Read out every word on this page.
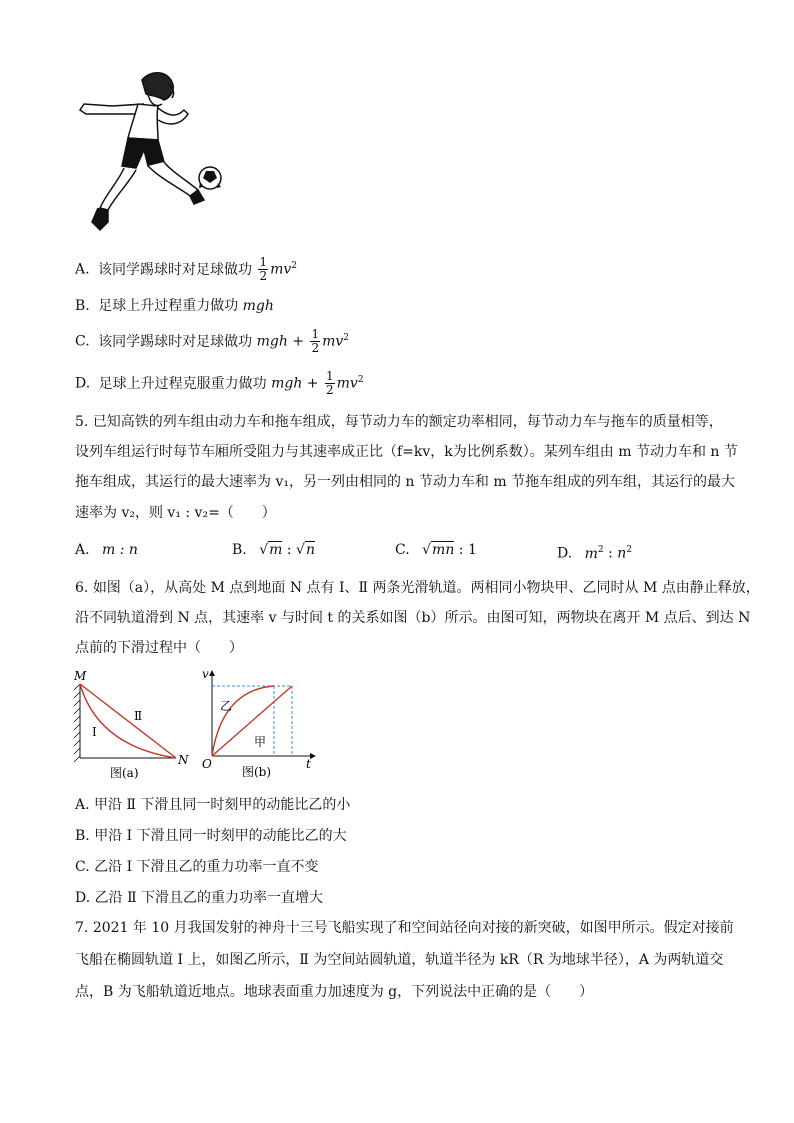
A. 该同学踢球时对足球做功 $\frac{1}{2} mv^2$
B. 足球上升过程重力做功 mgh
C. 该同学踢球时对足球做功 mgh + $\frac{1}{2} mv^2$
D. 足球上升过程克服重力做功 mgh + $\frac{1}{2} mv^2$
5. 已知高铁的列车组由动力车和拖车组成，每节动力车的额定功率相同，每节动力车与拖车的质量相等，
设列车组运行时每节车厢所受阻力与其速率成正比（f=kv，k为比例系数）。某列车组由 m 节动力车和 n 节
拖车组成，其运行的最大速率为 v₁，另一列由相同的 n 节动力车和 m 节拖车组成的列车组，其运行的最大
速率为 v₂，则 v₁ : v₂=（　　）
A. m : n	B. √m : √n	C. √mn : 1	D. $m^2$ : $n^2$
6. 如图（a），从高处 M 点到地面 N 点有 Ⅰ、Ⅱ 两条光滑轨道。两相同小物块甲、乙同时从 M 点由静止释放，
沿不同轨道滑到 N 点，其速率 v 与时间 t 的关系如图（b）所示。由图可知，两物块在离开 M 点后、到达 N
点前的下滑过程中（　　）
M
N
Ⅰ
Ⅱ
图(a)
v
t
O
乙
甲
图(b)
A. 甲沿 Ⅱ 下滑且同一时刻甲的动能比乙的小
B. 甲沿 Ⅰ 下滑且同一时刻甲的动能比乙的大
C. 乙沿 Ⅰ 下滑且乙的重力功率一直不变
D. 乙沿 Ⅱ 下滑且乙的重力功率一直增大
7. 2021 年 10 月我国发射的神舟十三号飞船实现了和空间站径向对接的新突破，如图甲所示。假定对接前
飞船在椭圆轨道 Ⅰ 上，如图乙所示，Ⅱ 为空间站圆轨道，轨道半径为 kR（R 为地球半径），A 为两轨道交
点，B 为飞船轨道近地点。地球表面重力加速度为 g，下列说法中正确的是（　　）
